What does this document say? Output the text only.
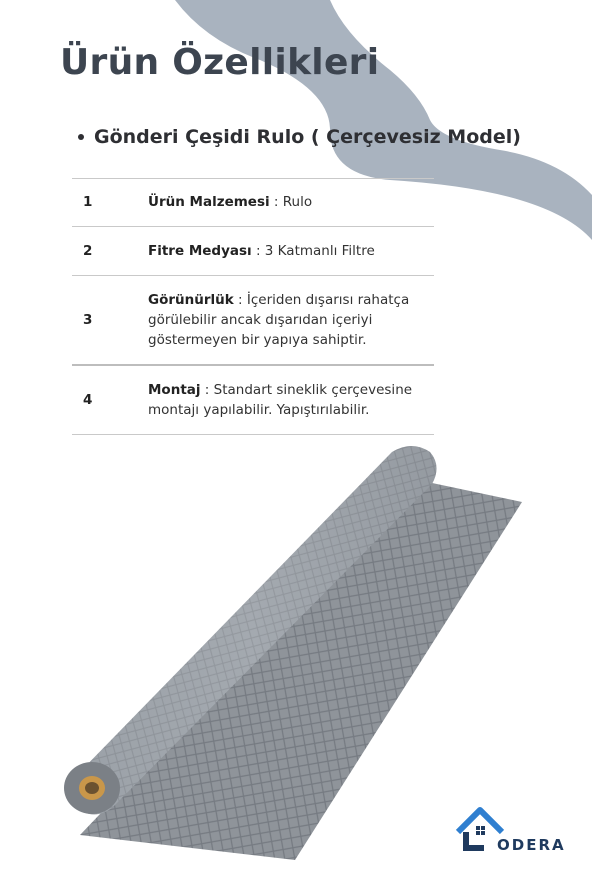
Ürün Özellikleri
Gönderi Çeşidi Rulo ( Çerçevesiz Model)
1	Ürün Malzemesi : Rulo
2	Fitre Medyası : 3 Katmanlı Filtre
3	Görünürlük : İçeriden dışarısı rahatça görülebilir ancak dışarıdan içeriyi göstermeyen bir yapıya sahiptir.
4	Montaj : Standart sineklik çerçevesine montajı yapılabilir. Yapıştırılabilir.
ODERA
